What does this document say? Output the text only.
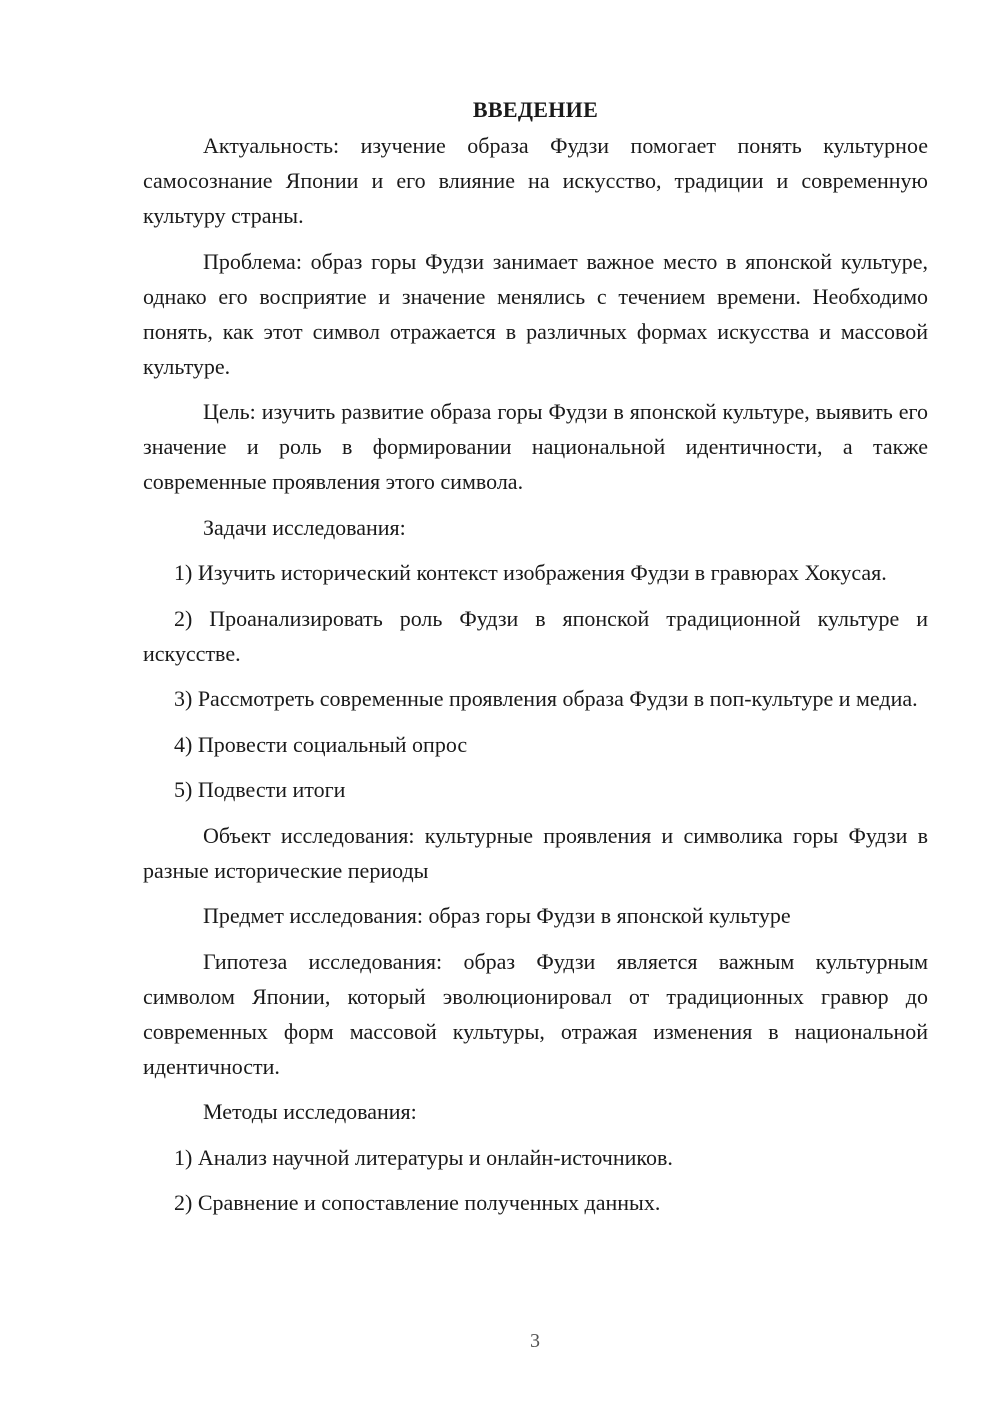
ВВЕДЕНИЕ

Актуальность: изучение образа Фудзи помогает понять культурное самосознание Японии и его влияние на искусство, традиции и современную культуру страны.

Проблема: образ горы Фудзи занимает важное место в японской культуре, однако его восприятие и значение менялись с течением времени. Необходимо понять, как этот символ отражается в различных формах искусства и массовой культуре.

Цель: изучить развитие образа горы Фудзи в японской культуре, выявить его значение и роль в формировании национальной идентичности, а также современные проявления этого символа.

Задачи исследования:

1) Изучить исторический контекст изображения Фудзи в гравюрах Хокусая.

2) Проанализировать роль Фудзи в японской традиционной культуре и искусстве.

3) Рассмотреть современные проявления образа Фудзи в поп-культуре и медиа.

4) Провести социальный опрос

5) Подвести итоги

Объект исследования: культурные проявления и символика горы Фудзи в разные исторические периоды

Предмет исследования: образ горы Фудзи в японской культуре

Гипотеза исследования: образ Фудзи является важным культурным символом Японии, который эволюционировал от традиционных гравюр до современных форм массовой культуры, отражая изменения в национальной идентичности.

Методы исследования:

1) Анализ научной литературы и онлайн-источников.

2) Сравнение и сопоставление полученных данных.

3
